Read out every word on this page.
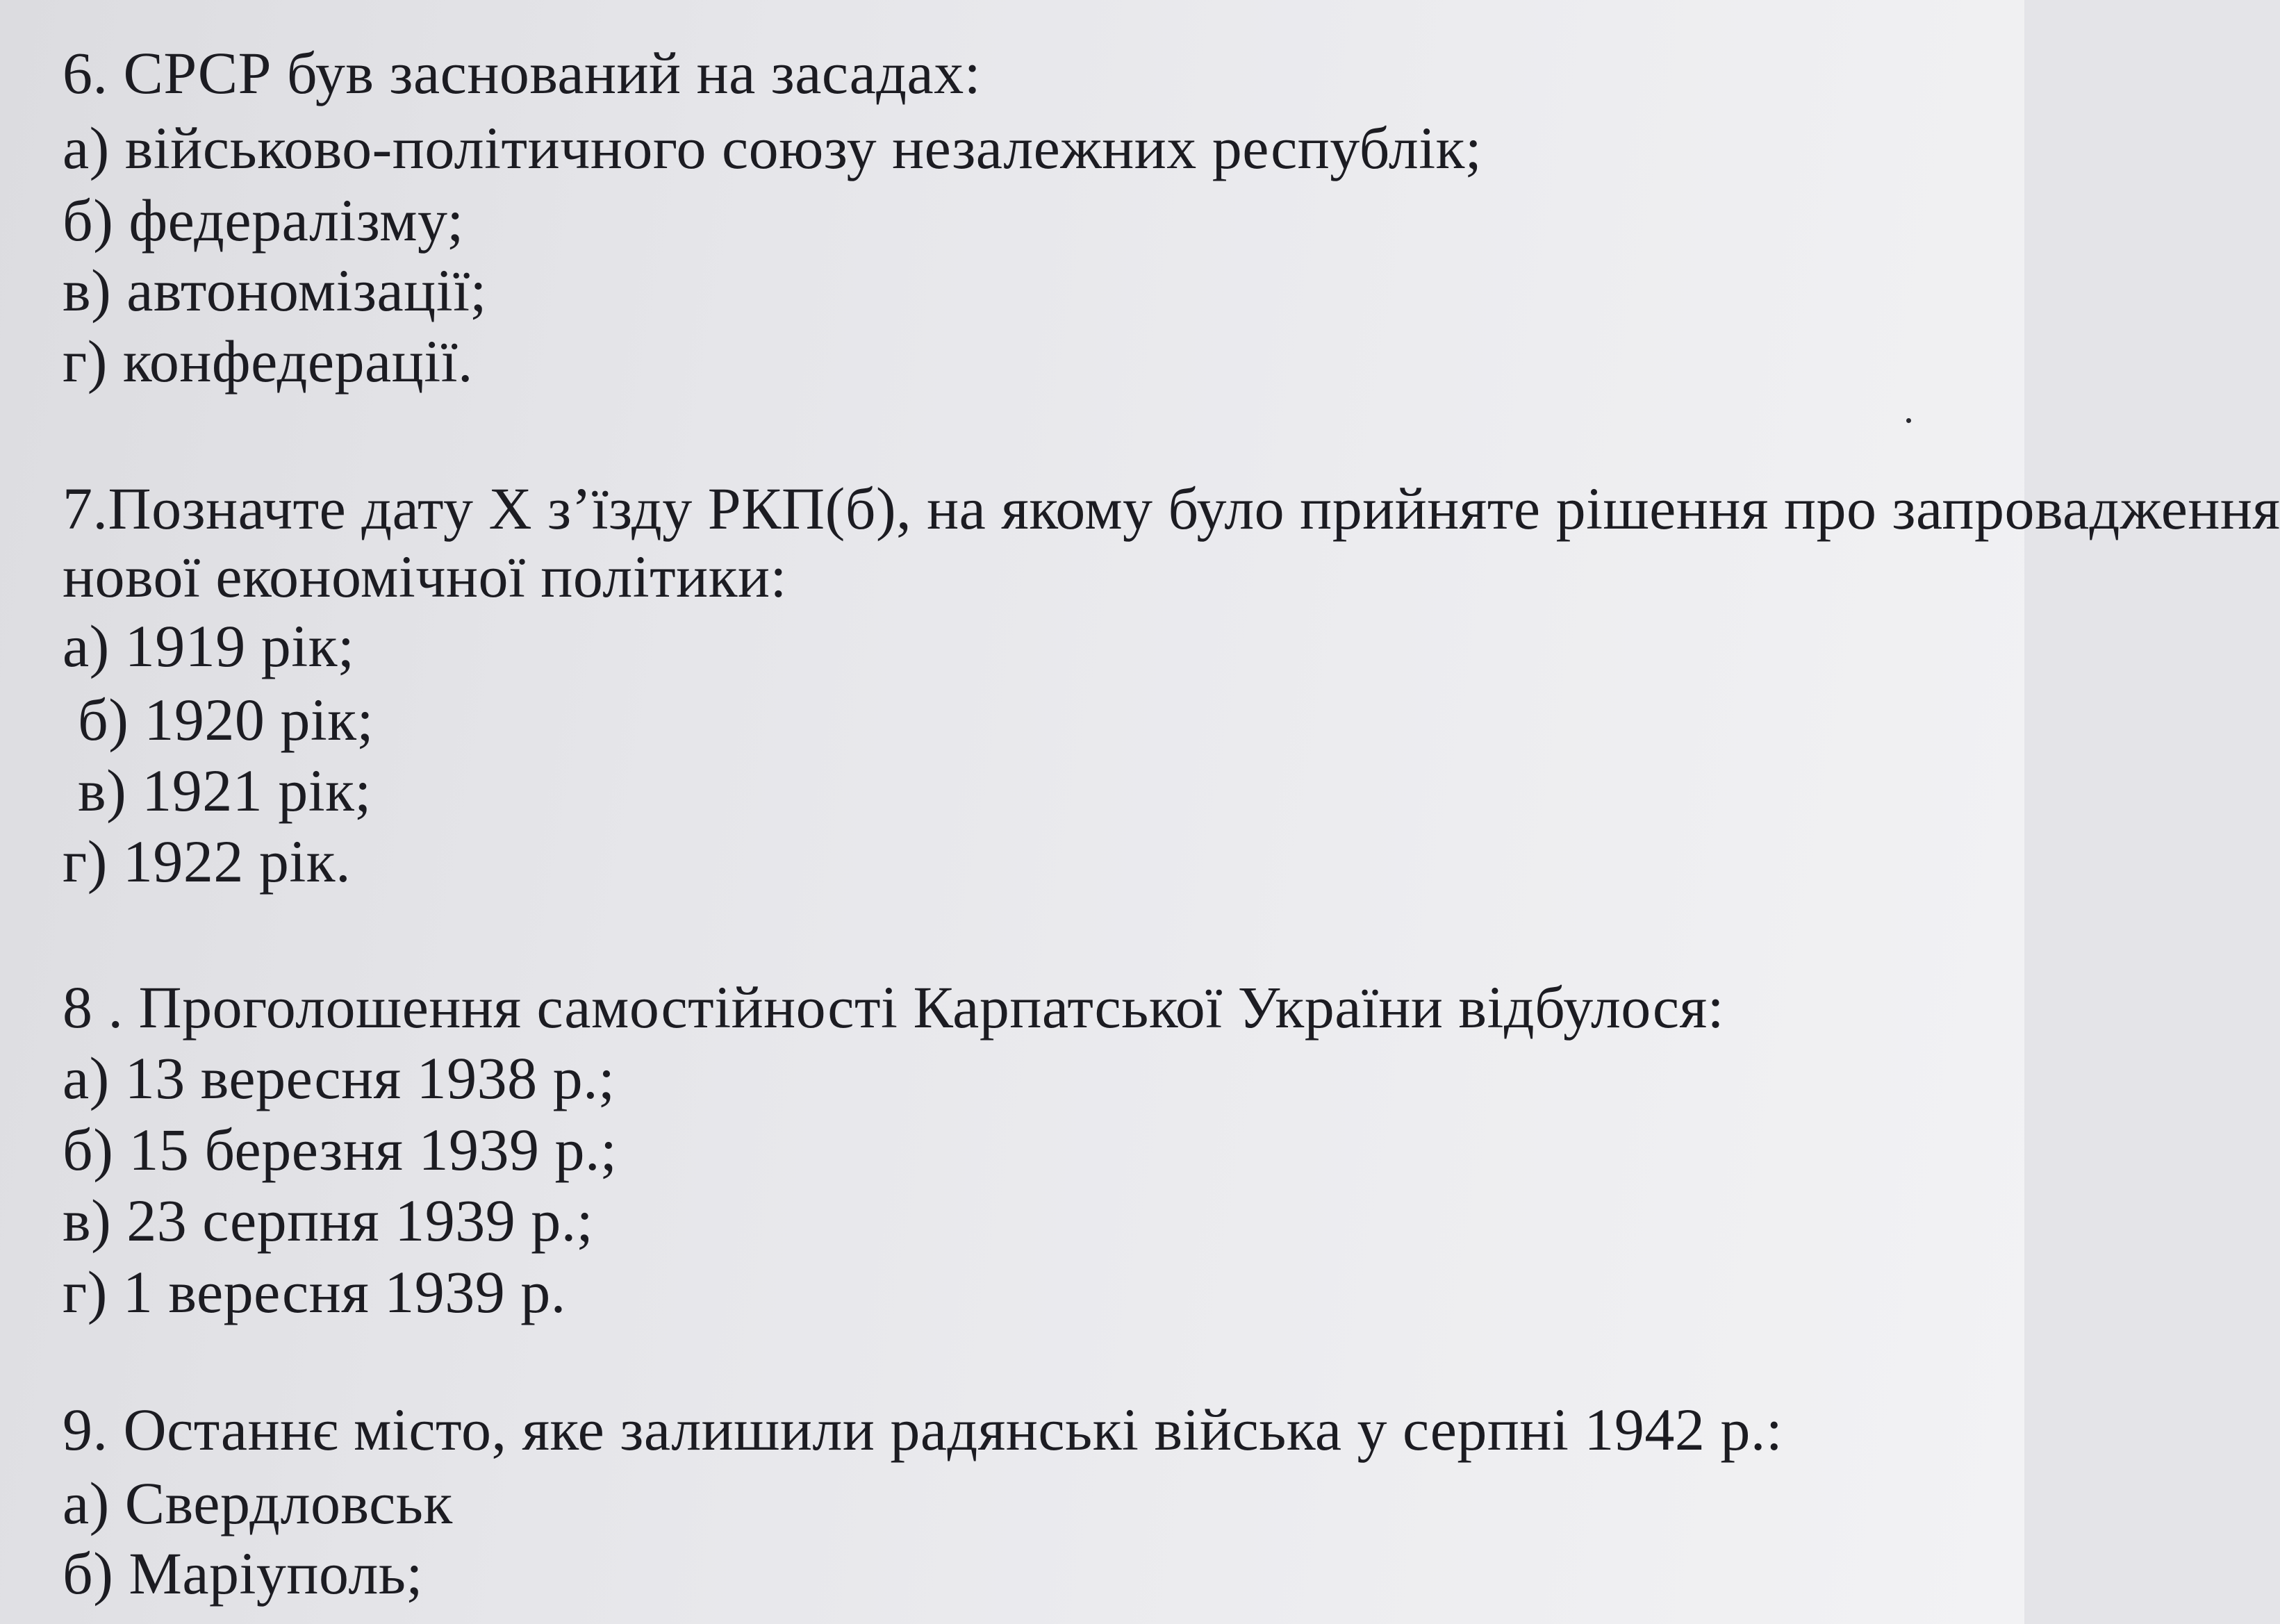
6. СРСР був заснований на засадах:
а) військово-політичного союзу незалежних республік;
б) федералізму;
в) автономізації;
г) конфедерації.
7.Позначте дату Х з’їзду РКП(б), на якому було прийняте рішення про запровадження
нової економічної політики:
а) 1919 рік;
б) 1920 рік;
в) 1921 рік;
г) 1922 рік.
8 . Проголошення самостійності Карпатської України відбулося:
а) 13 вересня 1938 р.;
б) 15 березня 1939 р.;
в) 23 серпня 1939 р.;
г) 1 вересня 1939 р.
9. Останнє місто, яке залишили радянські війська у серпні 1942 р.:
а) Свердловськ
б) Маріуполь;
